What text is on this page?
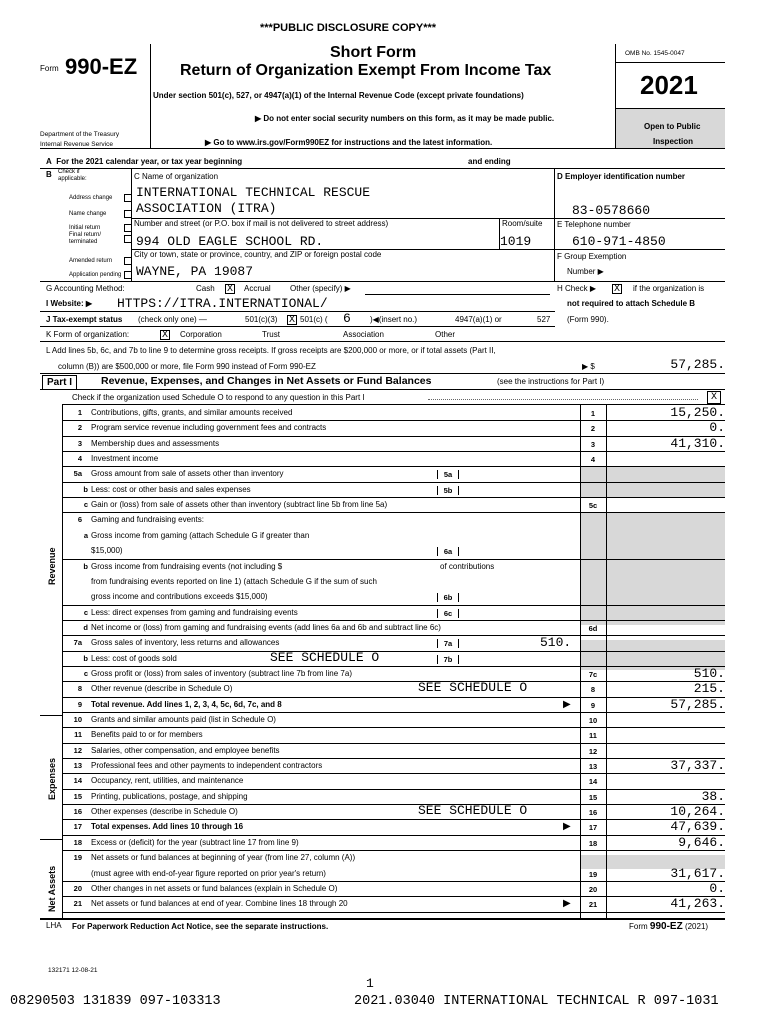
***PUBLIC DISCLOSURE COPY***
Form 990-EZ
Short Form
Return of Organization Exempt From Income Tax
Under section 501(c), 527, or 4947(a)(1) of the Internal Revenue Code (except private foundations)
▶ Do not enter social security numbers on this form, as it may be made public.
▶ Go to www.irs.gov/Form990EZ for instructions and the latest information.
Department of the Treasury
Internal Revenue Service
OMB No. 1545-0047
2021
Open to Public
Inspection
A For the 2021 calendar year, or tax year beginning	and ending
B Check if applicable:
Address change
Name change
Initial return
Final return/ terminated
Amended return
Application pending
C Name of organization
INTERNATIONAL TECHNICAL RESCUE
ASSOCIATION (ITRA)
Number and street (or P.O. box if mail is not delivered to street address)	Room/suite
994 OLD EAGLE SCHOOL RD.	1019
City or town, state or province, country, and ZIP or foreign postal code
WAYNE, PA 19087
D Employer identification number
83-0578660
E Telephone number
610-971-4850
F Group Exemption
Number ▶
G Accounting Method:	Cash X Accrual Other (specify) ▶	H Check ▶ X if the organization is
not required to attach Schedule B
(Form 990).
I Website: ▶ HTTPS://ITRA.INTERNATIONAL/
J Tax-exempt status (check only one) —	501(c)(3) X 501(c) ( 6 )◀(insert no.)	4947(a)(1) or	527
K Form of organization:	X Corporation	Trust	Association	Other
L Add lines 5b, 6c, and 7b to line 9 to determine gross receipts. If gross receipts are $200,000 or more, or if total assets (Part II,
column (B)) are $500,000 or more, file Form 990 instead of Form 990-EZ	▶ $	57,285.
Part I	Revenue, Expenses, and Changes in Net Assets or Fund Balances	(see the instructions for Part I)
Check if the organization used Schedule O to respond to any question in this Part I	X
Revenue
Expenses
Net Assets
1 Contributions, gifts, grants, and similar amounts received	1	15,250.
2 Program service revenue including government fees and contracts	2	0.
3 Membership dues and assessments	3	41,310.
4 Investment income	4
5a Gross amount from sale of assets other than inventory	5a
b Less: cost or other basis and sales expenses	5b
c Gain or (loss) from sale of assets other than inventory (subtract line 5b from line 5a)	5c
6 Gaming and fundraising events:
a Gross income from gaming (attach Schedule G if greater than
$15,000)	6a
b Gross income from fundraising events (not including $	of contributions
from fundraising events reported on line 1) (attach Schedule G if the sum of such
gross income and contributions exceeds $15,000)	6b
c Less: direct expenses from gaming and fundraising events	6c
d Net income or (loss) from gaming and fundraising events (add lines 6a and 6b and subtract line 6c)	6d
7a Gross sales of inventory, less returns and allowances	7a	510.
b Less: cost of goods sold	7b
SEE SCHEDULE O
c Gross profit or (loss) from sales of inventory (subtract line 7b from line 7a)	7c	510.
8 Other revenue (describe in Schedule O)	8	215.
SEE SCHEDULE O
9 Total revenue. Add lines 1, 2, 3, 4, 5c, 6d, 7c, and 8	9	57,285.
▶
10 Grants and similar amounts paid (list in Schedule O)	10
11 Benefits paid to or for members	11
12 Salaries, other compensation, and employee benefits	12
13 Professional fees and other payments to independent contractors	13	37,337.
14 Occupancy, rent, utilities, and maintenance	14
15 Printing, publications, postage, and shipping	15	38.
16 Other expenses (describe in Schedule O)	16	10,264.
SEE SCHEDULE O
17 Total expenses. Add lines 10 through 16	17	47,639.
▶
18 Excess or (deficit) for the year (subtract line 17 from line 9)	18	9,646.
19 Net assets or fund balances at beginning of year (from line 27, column (A))
(must agree with end-of-year figure reported on prior year's return)	19	31,617.
20 Other changes in net assets or fund balances (explain in Schedule O)	20	0.
21 Net assets or fund balances at end of year. Combine lines 18 through 20	21	41,263.
▶
LHA For Paperwork Reduction Act Notice, see the separate instructions.	Form 990-EZ (2021)
132171 12-08-21
1
08290503 131839 097-103313	2021.03040 INTERNATIONAL TECHNICAL R 097-1031
